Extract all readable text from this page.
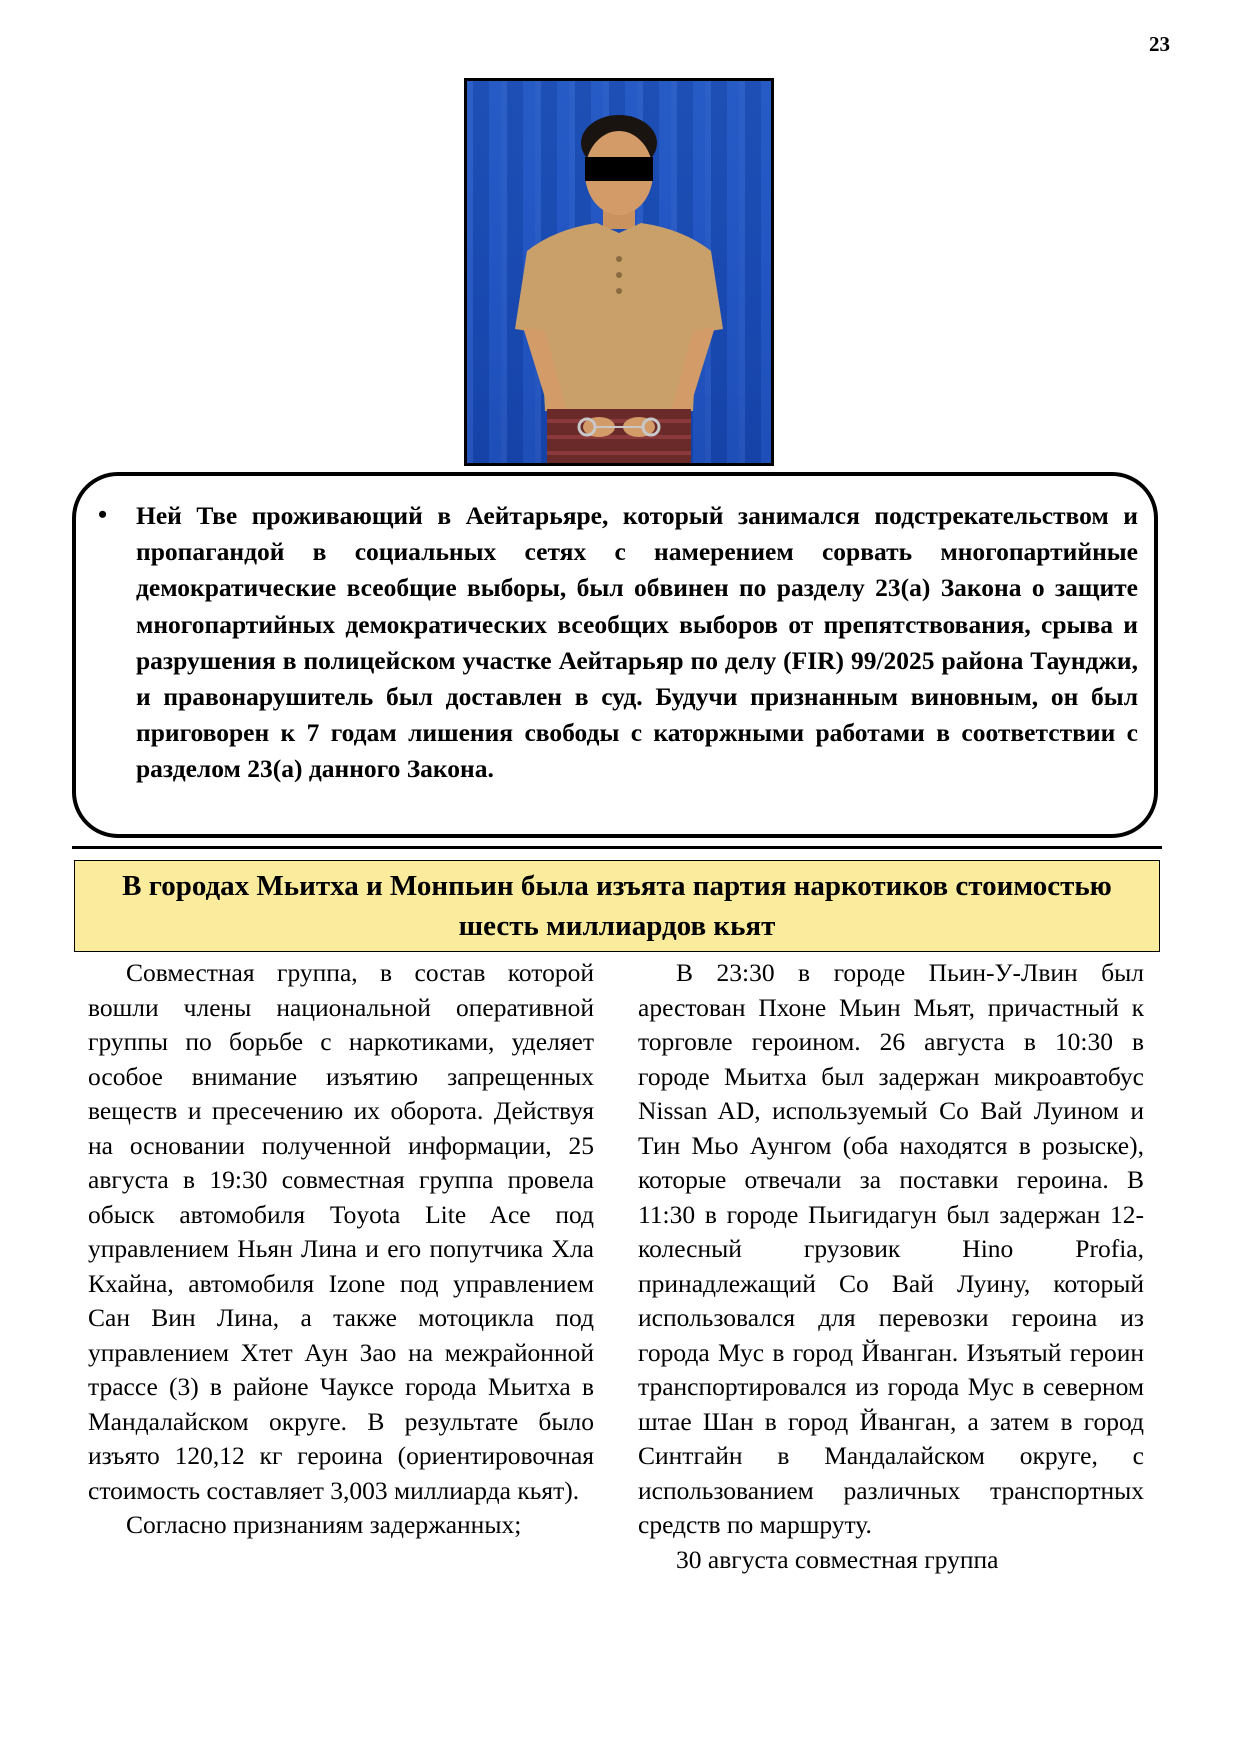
23
• Ней Тве проживающий в Аейтарьяре, который занимался подстрекательством и пропагандой в социальных сетях с намерением сорвать многопартийные демократические всеобщие выборы, был обвинен по разделу 23(а) Закона о защите многопартийных демократических всеобщих выборов от препятствования, срыва и разрушения в полицейском участке Аейтарьяр по делу (FIR) 99/2025 района Таунджи, и правонарушитель был доставлен в суд. Будучи признанным виновным, он был приговорен к 7 годам лишения свободы с каторжными работами в соответствии с разделом 23(а) данного Закона.
В городах Мьитха и Монпьин была изъята партия наркотиков стоимостью шесть миллиардов кьят

Совместная группа, в состав которой вошли члены национальной оперативной группы по борьбе с наркотиками, уделяет особое внимание изъятию запрещенных веществ и пресечению их оборота. Действуя на основании полученной информации, 25 августа в 19:30 совместная группа провела обыск автомобиля Toyota Lite Ace под управлением Ньян Лина и его попутчика Хла Кхайна, автомобиля Izone под управлением Сан Вин Лина, а также мотоцикла под управлением Хтет Аун Зао на межрайонной трассе (3) в районе Чауксе города Мьитха в Мандалайском округе. В результате было изъято 120,12 кг героина (ориентировочная стоимость составляет 3,003 миллиарда кьят).

Согласно признаниям задержанных;

В 23:30 в городе Пьин-У-Лвин был арестован Пхоне Мьин Мьят, причастный к торговле героином. 26 августа в 10:30 в городе Мьитха был задержан микроавтобус Nissan AD, используемый Со Вай Луином и Тин Мьо Аунгом (оба находятся в розыске), которые отвечали за поставки героина. В 11:30 в городе Пьигидагун был задержан 12-колесный грузовик Hino Profia, принадлежащий Со Вай Луину, который использовался для перевозки героина из города Мус в город Йванган. Изъятый героин транспортировался из города Мус в северном штае Шан в город Йванган, а затем в город Синтгайн в Мандалайском округе, с использованием различных транспортных средств по маршруту.

30 августа совместная группа
